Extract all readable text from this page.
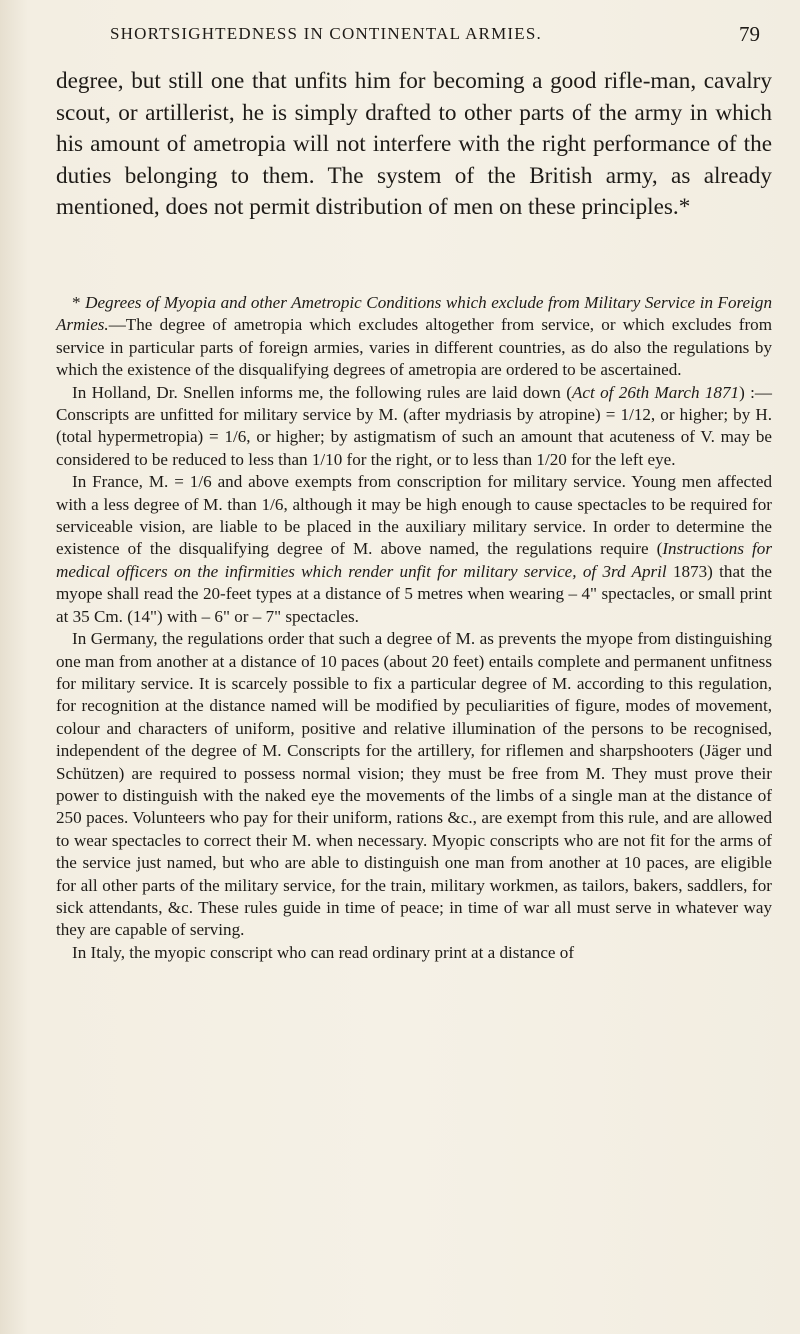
SHORTSIGHTEDNESS IN CONTINENTAL ARMIES.	79

degree, but still one that unfits him for becoming a good rifle-man, cavalry scout, or artillerist, he is simply drafted to other parts of the army in which his amount of ametropia will not interfere with the right performance of the duties belonging to them. The system of the British army, as already mentioned, does not permit distribution of men on these principles.*

* Degrees of Myopia and other Ametropic Conditions which exclude from Military Service in Foreign Armies.—The degree of ametropia which excludes altogether from service, or which excludes from service in particular parts of foreign armies, varies in different countries, as do also the regulations by which the existence of the disqualifying degrees of ametropia are ordered to be ascertained.

In Holland, Dr. Snellen informs me, the following rules are laid down (Act of 26th March 1871) :—Conscripts are unfitted for military service by M. (after mydriasis by atropine) = 1/12, or higher; by H. (total hypermetropia) = 1/6, or higher; by astigmatism of such an amount that acuteness of V. may be considered to be reduced to less than 1/10 for the right, or to less than 1/20 for the left eye.

In France, M. = 1/6 and above exempts from conscription for military service. Young men affected with a less degree of M. than 1/6, although it may be high enough to cause spectacles to be required for serviceable vision, are liable to be placed in the auxiliary military service. In order to determine the existence of the disqualifying degree of M. above named, the regulations require (Instructions for medical officers on the infirmities which render unfit for military service, of 3rd April 1873) that the myope shall read the 20-feet types at a distance of 5 metres when wearing – 4" spectacles, or small print at 35 Cm. (14") with – 6" or – 7" spectacles.

In Germany, the regulations order that such a degree of M. as prevents the myope from distinguishing one man from another at a distance of 10 paces (about 20 feet) entails complete and permanent unfitness for military service. It is scarcely possible to fix a particular degree of M. according to this regulation, for recognition at the distance named will be modified by peculiarities of figure, modes of movement, colour and characters of uniform, positive and relative illumination of the persons to be recognised, independent of the degree of M. Conscripts for the artillery, for riflemen and sharpshooters (Jäger und Schützen) are required to possess normal vision; they must be free from M. They must prove their power to distinguish with the naked eye the movements of the limbs of a single man at the distance of 250 paces. Volunteers who pay for their uniform, rations &c., are exempt from this rule, and are allowed to wear spectacles to correct their M. when necessary. Myopic conscripts who are not fit for the arms of the service just named, but who are able to distinguish one man from another at 10 paces, are eligible for all other parts of the military service, for the train, military workmen, as tailors, bakers, saddlers, for sick attendants, &c. These rules guide in time of peace; in time of war all must serve in whatever way they are capable of serving.

In Italy, the myopic conscript who can read ordinary print at a distance of
